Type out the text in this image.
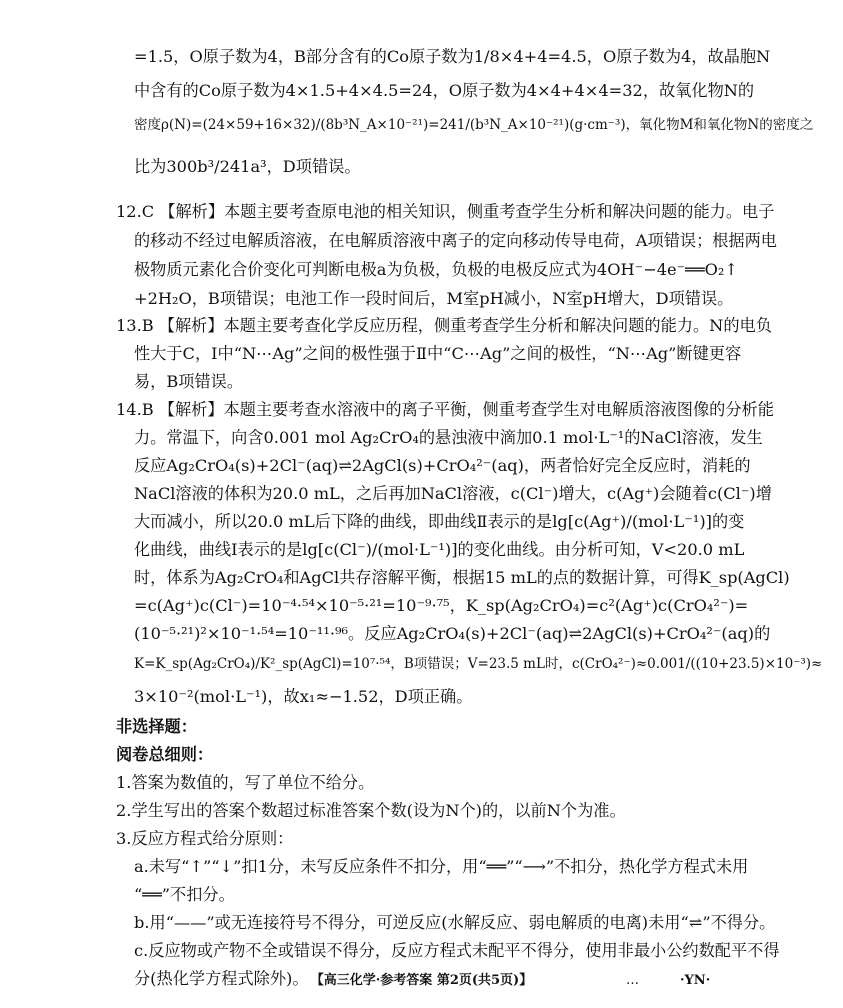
=1.5，O原子数为4，B部分含有的Co原子数为1/8×4+4=4.5，O原子数为4，故晶胞N
中含有的Co原子数为4×1.5+4×4.5=24，O原子数为4×4+4×4=32，故氧化物N的
密度ρ(N)=(24×59+16×32)/(8b³N_A×10⁻²¹)=241/(b³N_A×10⁻²¹)(g·cm⁻³)，氧化物M和氧化物N的密度之
比为300b³/241a³，D项错误。
12.C 【解析】本题主要考查原电池的相关知识，侧重考查学生分析和解决问题的能力。电子
的移动不经过电解质溶液，在电解质溶液中离子的定向移动传导电荷，A项错误；根据两电
极物质元素化合价变化可判断电极a为负极，负极的电极反应式为4OH⁻−4e⁻══O₂↑
+2H₂O，B项错误；电池工作一段时间后，M室pH减小，N室pH增大，D项错误。
13.B 【解析】本题主要考查化学反应历程，侧重考查学生分析和解决问题的能力。N的电负
性大于C，Ⅰ中“N⋯Ag”之间的极性强于Ⅱ中“C⋯Ag”之间的极性，“N⋯Ag”断键更容
易，B项错误。
14.B 【解析】本题主要考查水溶液中的离子平衡，侧重考查学生对电解质溶液图像的分析能
力。常温下，向含0.001 mol Ag₂CrO₄的悬浊液中滴加0.1 mol·L⁻¹的NaCl溶液，发生
反应Ag₂CrO₄(s)+2Cl⁻(aq)⇌2AgCl(s)+CrO₄²⁻(aq)，两者恰好完全反应时，消耗的
NaCl溶液的体积为20.0 mL，之后再加NaCl溶液，c(Cl⁻)增大，c(Ag⁺)会随着c(Cl⁻)增
大而减小，所以20.0 mL后下降的曲线，即曲线Ⅱ表示的是lg[c(Ag⁺)/(mol·L⁻¹)]的变
化曲线，曲线Ⅰ表示的是lg[c(Cl⁻)/(mol·L⁻¹)]的变化曲线。由分析可知，V<20.0 mL
时，体系为Ag₂CrO₄和AgCl共存溶解平衡，根据15 mL的点的数据计算，可得K_sp(AgCl)
=c(Ag⁺)c(Cl⁻)=10⁻⁴·⁵⁴×10⁻⁵·²¹=10⁻⁹·⁷⁵，K_sp(Ag₂CrO₄)=c²(Ag⁺)c(CrO₄²⁻)=
(10⁻⁵·²¹)²×10⁻¹·⁵⁴=10⁻¹¹·⁹⁶。反应Ag₂CrO₄(s)+2Cl⁻(aq)⇌2AgCl(s)+CrO₄²⁻(aq)的
K=K_sp(Ag₂CrO₄)/K²_sp(AgCl)=10⁷·⁵⁴，B项错误；V=23.5 mL时，c(CrO₄²⁻)≈0.001/((10+23.5)×10⁻³)≈
3×10⁻²(mol·L⁻¹)，故x₁≈−1.52，D项正确。
非选择题：
阅卷总细则：
1.答案为数值的，写了单位不给分。
2.学生写出的答案个数超过标准答案个数(设为N个)的，以前N个为准。
3.反应方程式给分原则：
a.未写“↑”“↓”扣1分，未写反应条件不扣分，用“══”“⟶”不扣分，热化学方程式未用
“══”不扣分。
b.用“——”或无连接符号不得分，可逆反应(水解反应、弱电解质的电离)未用“⇌”不得分。
c.反应物或产物不全或错误不得分，反应方程式未配平不得分，使用非最小公约数配平不得
分(热化学方程式除外)。 【高三化学·参考答案 第2页(共5页)】	…	·YN·
